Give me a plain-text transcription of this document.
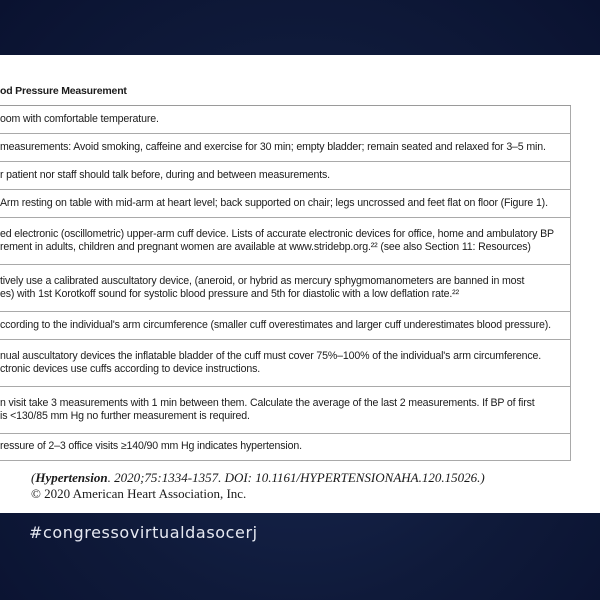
od Pressure Measurement
oom with comfortable temperature.
measurements: Avoid smoking, caffeine and exercise for 30 min; empty bladder; remain seated and relaxed for 3–5 min.
r patient nor staff should talk before, during and between measurements.
Arm resting on table with mid-arm at heart level; back supported on chair; legs uncrossed and feet flat on floor (Figure 1).
ed electronic (oscillometric) upper-arm cuff device. Lists of accurate electronic devices for office, home and ambulatory BP
rement in adults, children and pregnant women are available at www.stridebp.org.²² (see also Section 11: Resources)
tively use a calibrated auscultatory device, (aneroid, or hybrid as mercury sphygmomanometers are banned in most
es) with 1st Korotkoff sound for systolic blood pressure and 5th for diastolic with a low deflation rate.²²
ccording to the individual's arm circumference (smaller cuff overestimates and larger cuff underestimates blood pressure).
nual auscultatory devices the inflatable bladder of the cuff must cover 75%–100% of the individual's arm circumference.
ctronic devices use cuffs according to device instructions.
n visit take 3 measurements with 1 min between them. Calculate the average of the last 2 measurements. If BP of first
is <130/85 mm Hg no further measurement is required.
ressure of 2–3 office visits ≥140/90 mm Hg indicates hypertension.
(Hypertension. 2020;75:1334-1357. DOI: 10.1161/HYPERTENSIONAHA.120.15026.)
© 2020 American Heart Association, Inc.
#congressovirtualdasocerj
